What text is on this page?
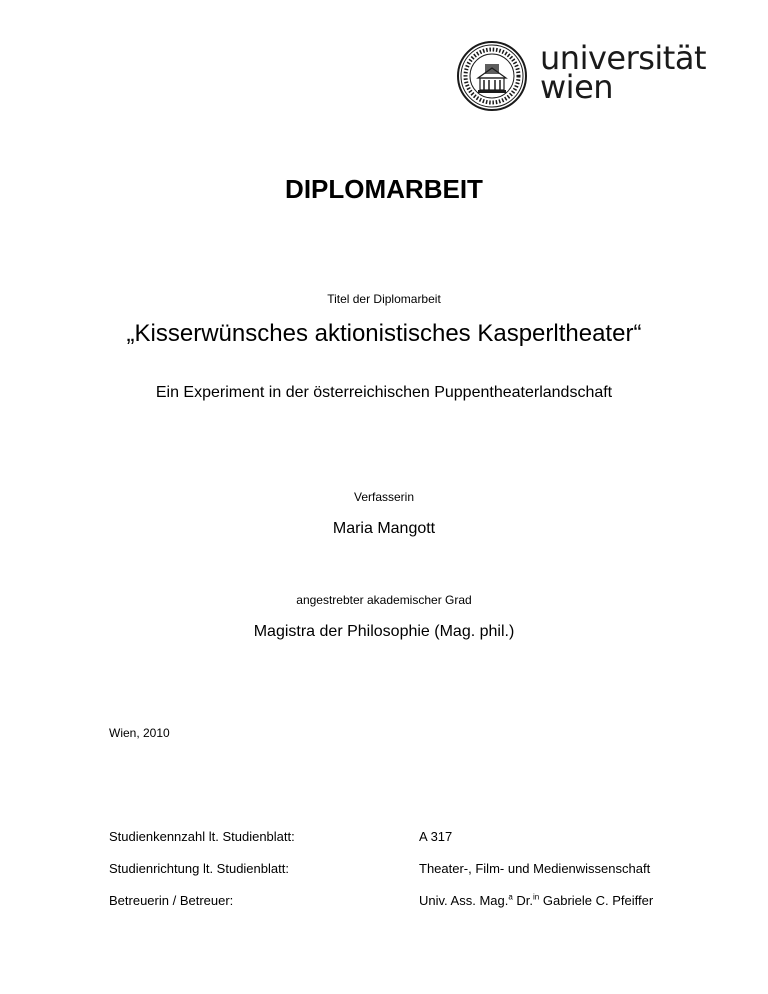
universität
wien
DIPLOMARBEIT
Titel der Diplomarbeit
„Kisserwünsches aktionistisches Kasperltheater“
Ein Experiment in der österreichischen Puppentheaterlandschaft
Verfasserin
Maria Mangott
angestrebter akademischer Grad
Magistra der Philosophie (Mag. phil.)
Wien, 2010
Studienkennzahl lt. Studienblatt:	A 317
Studienrichtung lt. Studienblatt:	Theater-, Film- und Medienwissenschaft
Betreuerin / Betreuer:	Univ. Ass. Mag.$^a$ Dr.$^{in}$ Gabriele C. Pfeiffer
